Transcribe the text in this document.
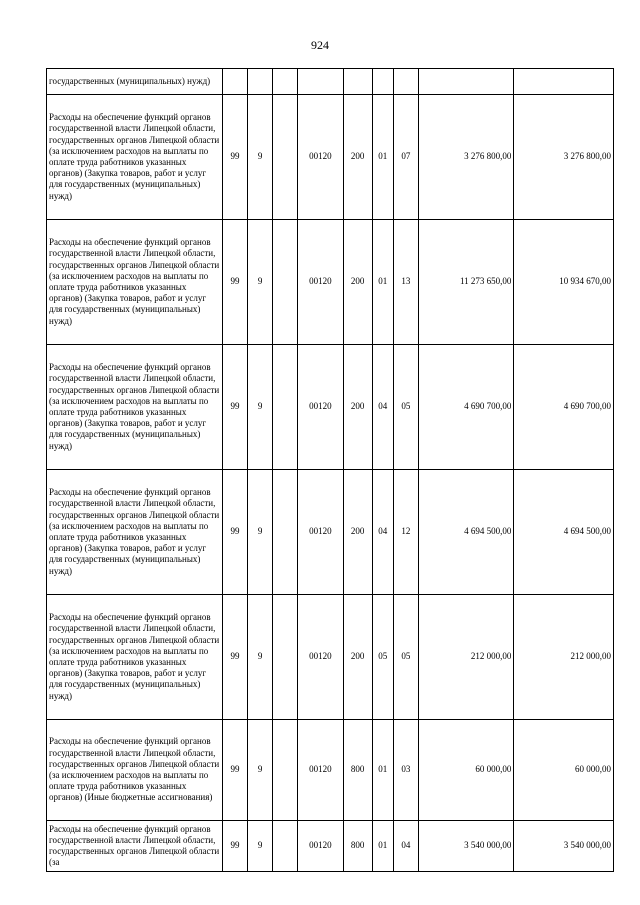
924
государственных (муниципальных) нужд)									
Расходы на обеспечение функций органов государственной власти Липецкой области, государственных органов Липецкой области (за исключением расходов на выплаты по оплате труда работников указанных органов) (Закупка товаров, работ и услуг для государственных (муниципальных) нужд)	99	9		00120	200	01	07	3 276 800,00	3 276 800,00
Расходы на обеспечение функций органов государственной власти Липецкой области, государственных органов Липецкой области (за исключением расходов на выплаты по оплате труда работников указанных органов) (Закупка товаров, работ и услуг для государственных (муниципальных) нужд)	99	9		00120	200	01	13	11 273 650,00	10 934 670,00
Расходы на обеспечение функций органов государственной власти Липецкой области, государственных органов Липецкой области (за исключением расходов на выплаты по оплате труда работников указанных органов) (Закупка товаров, работ и услуг для государственных (муниципальных) нужд)	99	9		00120	200	04	05	4 690 700,00	4 690 700,00
Расходы на обеспечение функций органов государственной власти Липецкой области, государственных органов Липецкой области (за исключением расходов на выплаты по оплате труда работников указанных органов) (Закупка товаров, работ и услуг для государственных (муниципальных) нужд)	99	9		00120	200	04	12	4 694 500,00	4 694 500,00
Расходы на обеспечение функций органов государственной власти Липецкой области, государственных органов Липецкой области (за исключением расходов на выплаты по оплате труда работников указанных органов) (Закупка товаров, работ и услуг для государственных (муниципальных) нужд)	99	9		00120	200	05	05	212 000,00	212 000,00
Расходы на обеспечение функций органов государственной власти Липецкой области, государственных органов Липецкой области (за исключением расходов на выплаты по оплате труда работников указанных органов) (Иные бюджетные ассигнования)	99	9		00120	800	01	03	60 000,00	60 000,00
Расходы на обеспечение функций органов государственной власти Липецкой области, государственных органов Липецкой области (за	99	9		00120	800	01	04	3 540 000,00	3 540 000,00
